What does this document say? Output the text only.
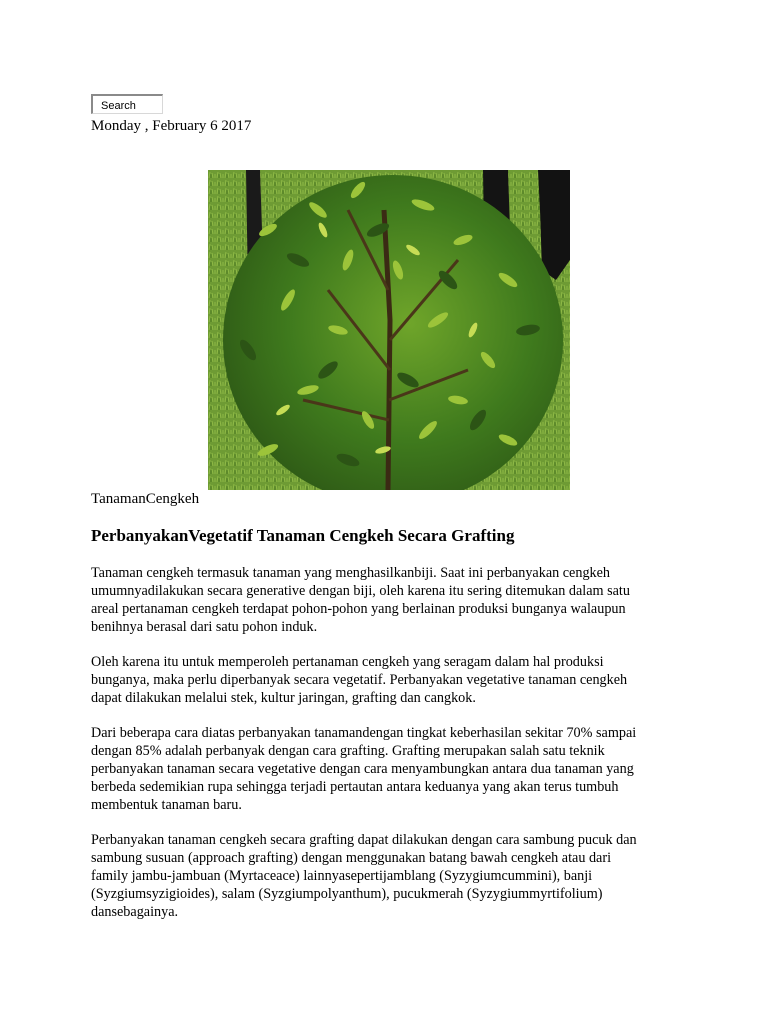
Search
Monday , February 6 2017
TanamanCengkeh
PerbanyakanVegetatif Tanaman Cengkeh Secara Grafting

Tanaman cengkeh termasuk tanaman yang menghasilkanbiji. Saat ini perbanyakan cengkeh
umumnyadilakukan secara generative dengan biji, oleh karena itu sering ditemukan dalam satu
areal pertanaman cengkeh terdapat pohon-pohon yang berlainan produksi bunganya walaupun
benihnya berasal dari satu pohon induk.

Oleh karena itu untuk memperoleh pertanaman cengkeh yang seragam dalam hal produksi
bunganya, maka perlu diperbanyak secara vegetatif. Perbanyakan vegetative tanaman cengkeh
dapat dilakukan melalui stek, kultur jaringan, grafting dan cangkok.

Dari beberapa cara diatas perbanyakan tanamandengan tingkat keberhasilan sekitar 70% sampai
dengan 85% adalah perbanyak dengan cara grafting. Grafting merupakan salah satu teknik
perbanyakan tanaman secara vegetative dengan cara menyambungkan antara dua tanaman yang
berbeda sedemikian rupa sehingga terjadi pertautan antara keduanya yang akan terus tumbuh
membentuk tanaman baru.

Perbanyakan tanaman cengkeh secara grafting dapat dilakukan dengan cara sambung pucuk dan
sambung susuan (approach grafting) dengan menggunakan batang bawah cengkeh atau dari
family jambu-jambuan (Myrtaceace) lainnyasepertijamblang (Syzygiumcummini), banji
(Syzgiumsyzigioides), salam (Syzgiumpolyanthum), pucukmerah (Syzygiummyrtifolium)
dansebagainya.
